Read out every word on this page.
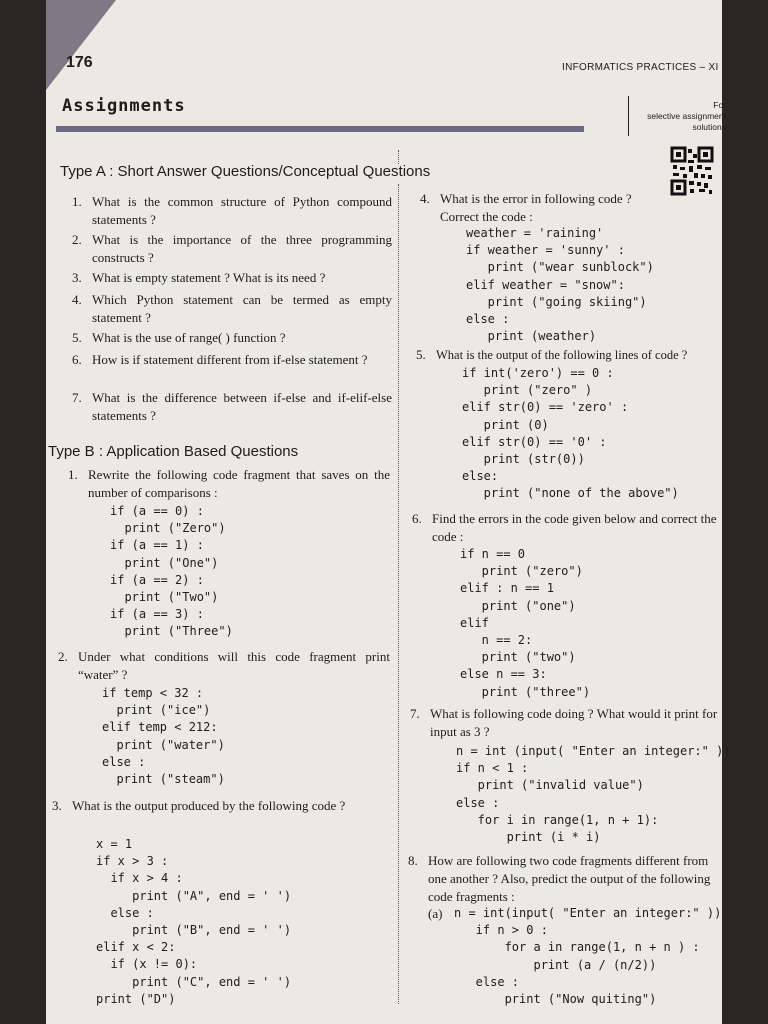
176	INFORMATICS PRACTICES – XI
Assignments	For
selective assignment
solutions
Type A : Short Answer Questions/Conceptual Questions
1. What is the common structure of Python compound statements ?
2. What is the importance of the three programming constructs ?
3. What is empty statement ? What is its need ?
4. Which Python statement can be termed as empty statement ?
5. What is the use of range( ) function ?
6. How is if statement different from if-else statement ?
7. What is the difference between if-else and if-elif-else statements ?
Type B : Application Based Questions
1. Rewrite the following code fragment that saves on the number of comparisons :
if (a == 0) :
print ("Zero")
if (a == 1) :
print ("One")
if (a == 2) :
print ("Two")
if (a == 3) :
print ("Three")
2. Under what conditions will this code fragment print “water” ?
if temp < 32 :
print ("ice")
elif temp < 212:
print ("water")
else :
print ("steam")
3. What is the output produced by the following code ?
x = 1
if x > 3 :
if x > 4 :
print ("A", end = ' ')
else :
print ("B", end = ' ')
elif x < 2:
if (x != 0):
print ("C", end = ' ')
print ("D")
4. What is the error in following code ? Correct the code :
weather = 'raining'
if weather = 'sunny' :
print ("wear sunblock")
elif weather = "snow":
print ("going skiing")
else :
print (weather)
5. What is the output of the following lines of code ?
if int('zero') == 0 :
print ("zero" )
elif str(0) == 'zero' :
print (0)
elif str(0) == '0' :
print (str(0))
else:
print ("none of the above")
6. Find the errors in the code given below and correct the code :
if n == 0
print ("zero")
elif : n == 1
print ("one")
elif
n == 2:
print ("two")
else n == 3:
print ("three")
7. What is following code doing ? What would it print for input as 3 ?
n = int (input( "Enter an integer:" ))
if n < 1 :
print ("invalid value")
else :
for i in range(1, n + 1):
print (i * i)
8. How are following two code fragments different from one another ? Also, predict the output of the following code fragments :
(a) n = int(input( "Enter an integer:" ))
if n > 0 :
for a in range(1, n + n ) :
print (a / (n/2))
else :
print ("Now quiting")
